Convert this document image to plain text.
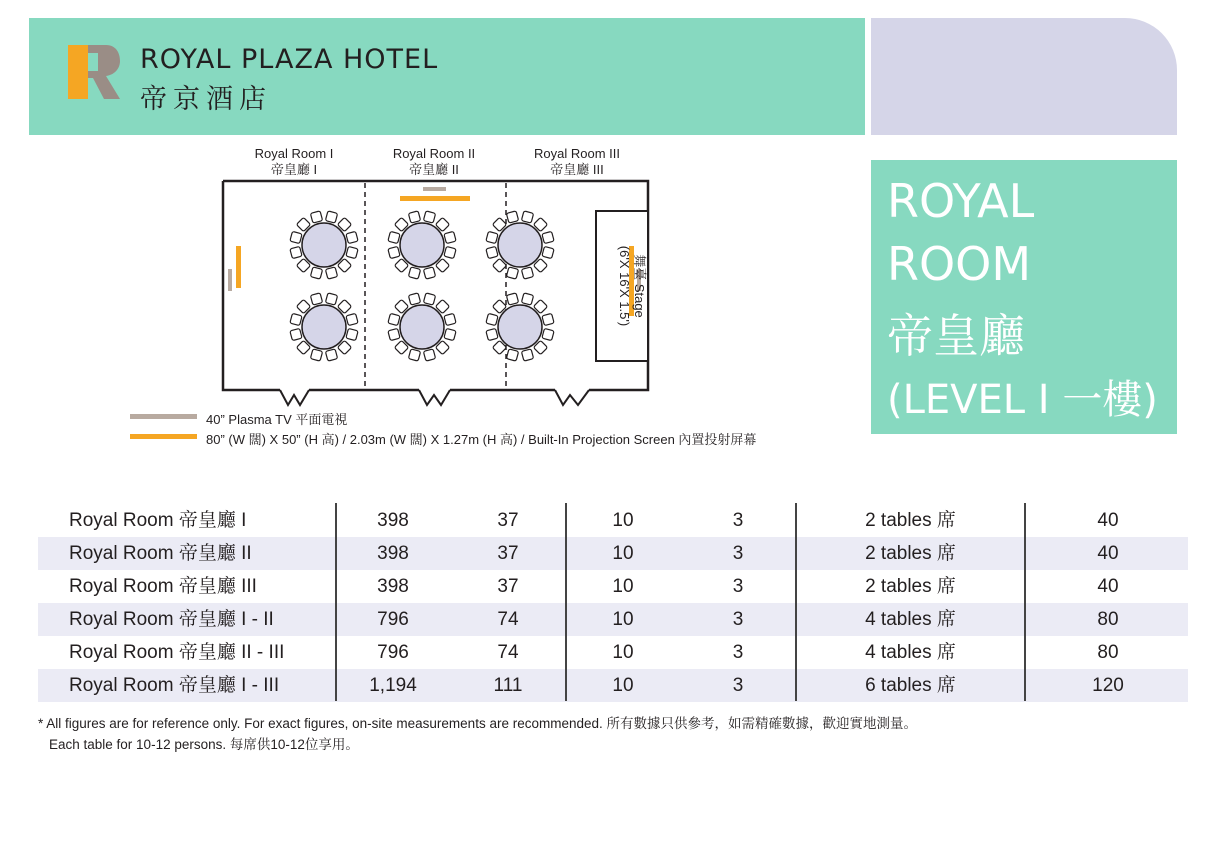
ROYAL PLAZA HOTEL
帝京酒店
ROYAL
ROOM
帝皇廳
(LEVEL I 一樓)
Royal Room I
帝皇廳 I
Royal Room II
帝皇廳 II
Royal Room III
帝皇廳 III
舞臺 Stage
(6'X 16'X 1.5')
40” Plasma TV 平面電視
80” (W 闊) X 50” (H 高) / 2.03m (W 闊) X 1.27m (H 高) / Built-In Projection Screen 內置投射屏幕
Royal Room 帝皇廳 I	398	37	10	3	2 tables 席	40
Royal Room 帝皇廳 II	398	37	10	3	2 tables 席	40
Royal Room 帝皇廳 III	398	37	10	3	2 tables 席	40
Royal Room 帝皇廳 I - II	796	74	10	3	4 tables 席	80
Royal Room 帝皇廳 II - III	796	74	10	3	4 tables 席	80
Royal Room 帝皇廳 I - III	1,194	111	10	3	6 tables 席	120
* All figures are for reference only. For exact figures, on-site measurements are recommended. 所有數據只供參考，如需精確數據，歡迎實地測量。
Each table for 10-12 persons. 每席供10-12位享用。
